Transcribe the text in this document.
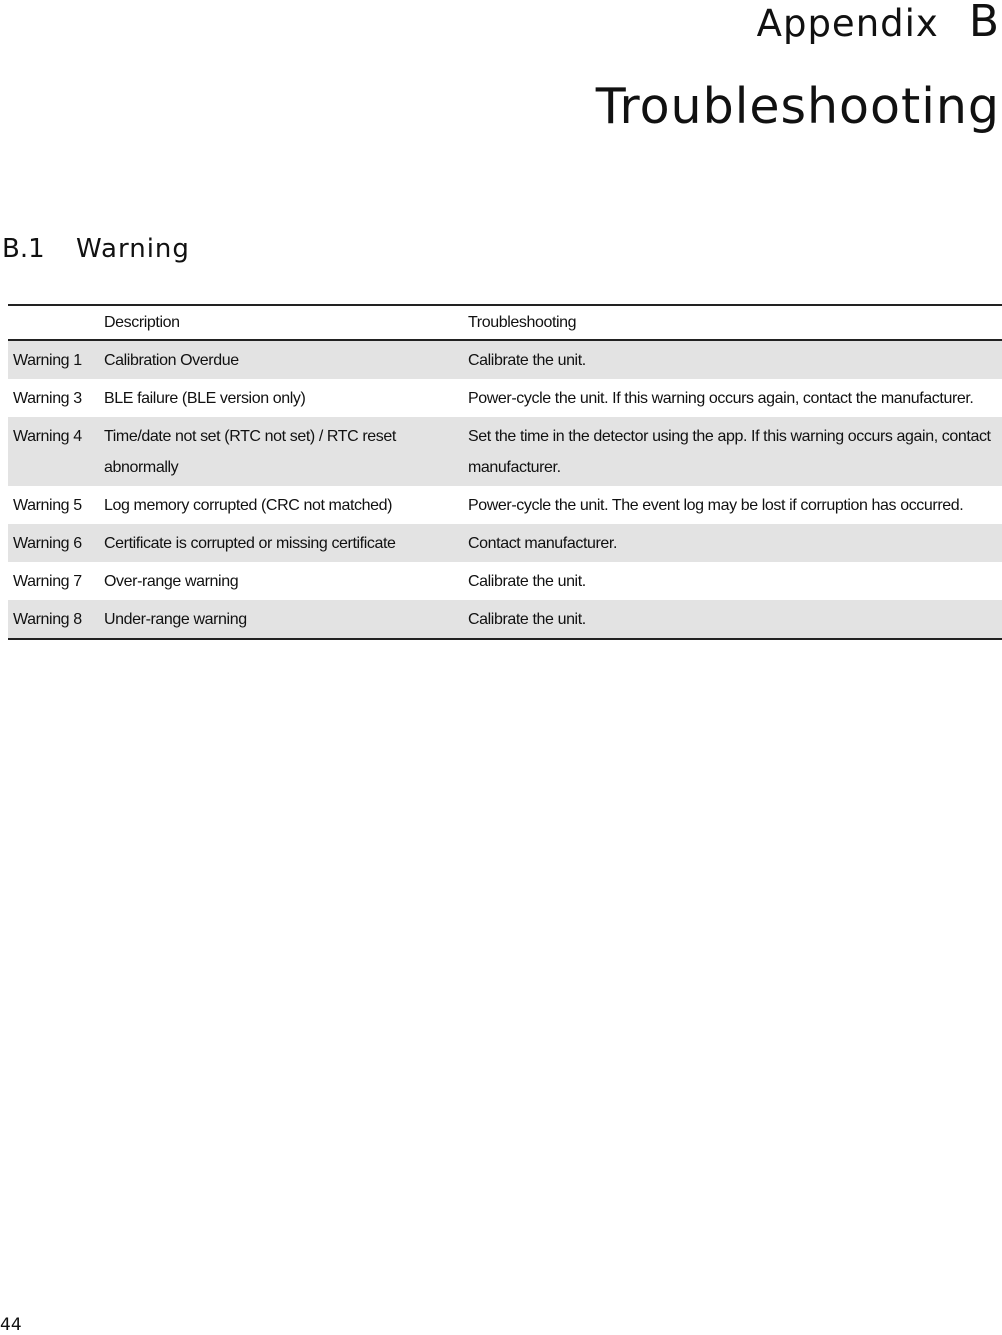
Appendix B
Troubleshooting
B.1 Warning
	Description	Troubleshooting
Warning 1	Calibration Overdue	Calibrate the unit.
Warning 3	BLE failure (BLE version only)	Power-cycle the unit. If this warning occurs again, contact the manufacturer.
Warning 4	Time/date not set (RTC not set) / RTC reset abnormally	Set the time in the detector using the app. If this warning occurs again, contact manufacturer.
Warning 5	Log memory corrupted (CRC not matched)	Power-cycle the unit. The event log may be lost if corruption has occurred.
Warning 6	Certificate is corrupted or missing certificate	Contact manufacturer.
Warning 7	Over-range warning	Calibrate the unit.
Warning 8	Under-range warning	Calibrate the unit.
44
